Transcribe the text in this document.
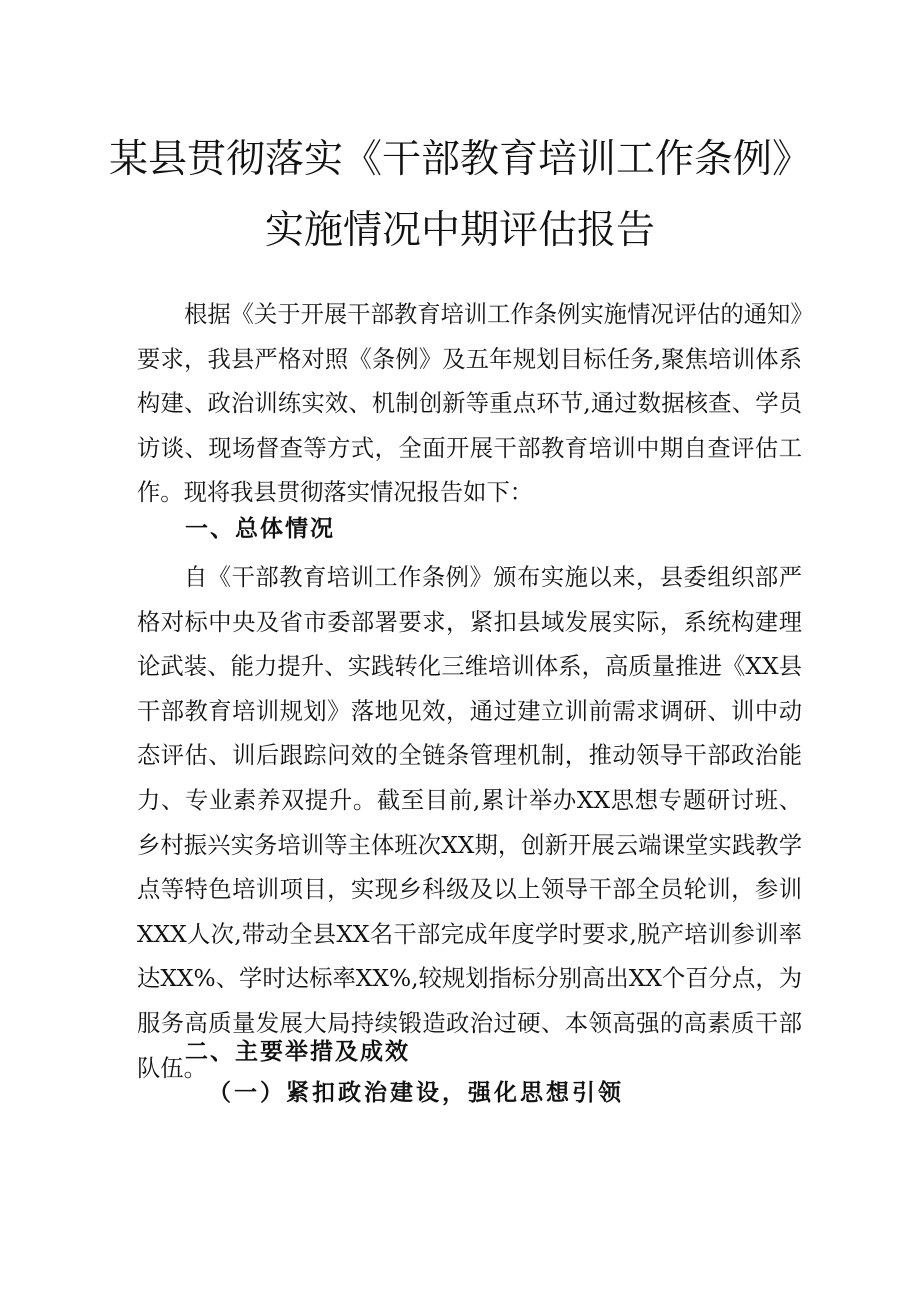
某县贯彻落实《干部教育培训工作条例》
实施情况中期评估报告

根据《关于开展干部教育培训工作条例实施情况评估的通知》要求，我县严格对照《条例》及五年规划目标任务,聚焦培训体系构建、政治训练实效、机制创新等重点环节,通过数据核查、学员访谈、现场督查等方式，全面开展干部教育培训中期自查评估工作。现将我县贯彻落实情况报告如下：

一、总体情况

自《干部教育培训工作条例》颁布实施以来，县委组织部严格对标中央及省市委部署要求，紧扣县域发展实际，系统构建理论武装、能力提升、实践转化三维培训体系，高质量推进《XX县干部教育培训规划》落地见效，通过建立训前需求调研、训中动态评估、训后跟踪问效的全链条管理机制，推动领导干部政治能力、专业素养双提升。截至目前,累计举办XX思想专题研讨班、乡村振兴实务培训等主体班次XX期，创新开展云端课堂实践教学点等特色培训项目，实现乡科级及以上领导干部全员轮训，参训XXX人次,带动全县XX名干部完成年度学时要求,脱产培训参训率达XX%、学时达标率XX%,较规划指标分别高出XX个百分点，为服务高质量发展大局持续锻造政治过硬、本领高强的高素质干部队伍。

二、主要举措及成效
（一）紧扣政治建设，强化思想引领
